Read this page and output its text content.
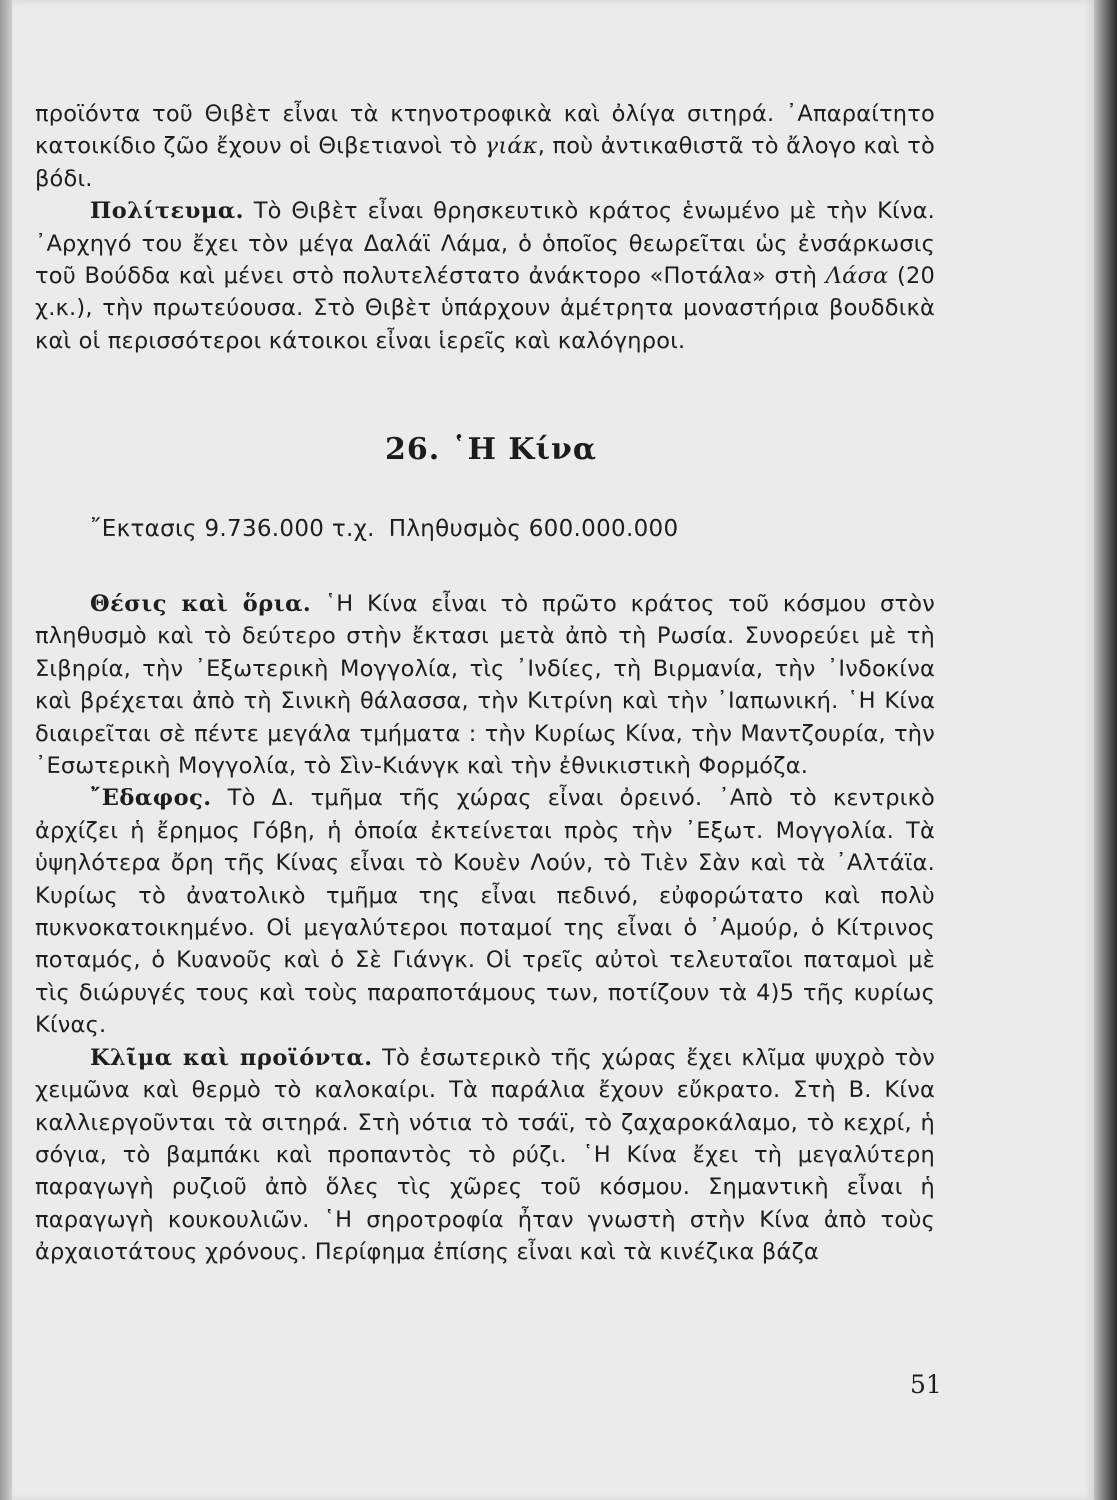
προϊόντα τοῦ Θιβὲτ εἶναι τὰ κτηνοτροφικὰ καὶ ὀλίγα σιτηρά. ᾿Απαραίτητο κατοικίδιο ζῶο ἔχουν οἱ Θιβετιανοὶ τὸ γιάκ, ποὺ ἀντικαθιστᾶ τὸ ἄλογο καὶ τὸ βόδι.

Πολίτευμα. Τὸ Θιβὲτ εἶναι θρησκευτικὸ κράτος ἑνωμένο μὲ τὴν Κίνα. ᾿Αρχηγό του ἔχει τὸν μέγα Δαλάϊ Λάμα, ὁ ὁποῖος θεωρεῖται ὡς ἐνσάρκωσις τοῦ Βούδδα καὶ μένει στὸ πολυτελέστατο ἀνάκτορο «Ποτάλα» στὴ Λάσα (20 χ.κ.), τὴν πρωτεύουσα. Στὸ Θιβὲτ ὑπάρχουν ἀμέτρητα μοναστήρια βουδδικὰ καὶ οἱ περισσότεροι κάτοικοι εἶναι ἱερεῖς καὶ καλόγηροι.

26. ῾Η Κίνα
῎Εκτασις 9.736.000 τ.χ. Πληθυσμὸς 600.000.000

Θέσις καὶ ὅρια. ῾Η Κίνα εἶναι τὸ πρῶτο κράτος τοῦ κόσμου στὸν πληθυσμὸ καὶ τὸ δεύτερο στὴν ἔκτασι μετὰ ἀπὸ τὴ Ρωσία. Συνορεύει μὲ τὴ Σιβηρία, τὴν ᾿Εξωτερικὴ Μογγολία, τὶς ᾿Ινδίες, τὴ Βιρμανία, τὴν ᾿Ινδοκίνα καὶ βρέχεται ἀπὸ τὴ Σινικὴ θάλασσα, τὴν Κιτρίνη καὶ τὴν ᾿Ιαπωνική. ῾Η Κίνα διαιρεῖται σὲ πέντε μεγάλα τμήματα : τὴν Κυρίως Κίνα, τὴν Μαντζουρία, τὴν ᾿Εσωτερικὴ Μογγολία, τὸ Σὶν-Κιάνγκ καὶ τὴν ἐθνικιστικὴ Φορμόζα.

῎Εδαφος. Τὸ Δ. τμῆμα τῆς χώρας εἶναι ὀρεινό. ᾿Απὸ τὸ κεντρικὸ ἀρχίζει ἡ ἔρημος Γόβη, ἡ ὁποία ἐκτείνεται πρὸς τὴν ᾿Εξωτ. Μογγολία. Τὰ ὑψηλότερα ὄρη τῆς Κίνας εἶναι τὸ Κουὲν Λούν, τὸ Τιὲν Σὰν καὶ τὰ ᾿Αλτάϊα. Κυρίως τὸ ἀνατολικὸ τμῆμα της εἶναι πεδινό, εὐφορώτατο καὶ πολὺ πυκνοκατοικημένο. Οἱ μεγαλύτεροι ποταμοί της εἶναι ὁ ᾿Αμούρ, ὁ Κίτρινος ποταμός, ὁ Κυανοῦς καὶ ὁ Σὲ Γιάνγκ. Οἱ τρεῖς αὐτοὶ τελευταῖοι παταμοὶ μὲ τὶς διώρυγές τους καὶ τοὺς παραποτάμους των, ποτίζουν τὰ 4)5 τῆς κυρίως Κίνας.

Κλῖμα καὶ προϊόντα. Τὸ ἐσωτερικὸ τῆς χώρας ἔχει κλῖμα ψυχρὸ τὸν χειμῶνα καὶ θερμὸ τὸ καλοκαίρι. Τὰ παράλια ἔχουν εὔκρατο. Στὴ Β. Κίνα καλλιεργοῦνται τὰ σιτηρά. Στὴ νότια τὸ τσάϊ, τὸ ζαχαροκάλαμο, τὸ κεχρί, ἡ σόγια, τὸ βαμπάκι καὶ προπαντὸς τὸ ρύζι. ῾Η Κίνα ἔχει τὴ μεγαλύτερη παραγωγὴ ρυζιοῦ ἀπὸ ὅλες τὶς χῶρες τοῦ κόσμου. Σημαντικὴ εἶναι ἡ παραγωγὴ κουκουλιῶν. ῾Η σηροτροφία ἦταν γνωστὴ στὴν Κίνα ἀπὸ τοὺς ἀρχαιοτάτους χρόνους. Περίφημα ἐπίσης εἶναι καὶ τὰ κινέζικα βάζα

51
